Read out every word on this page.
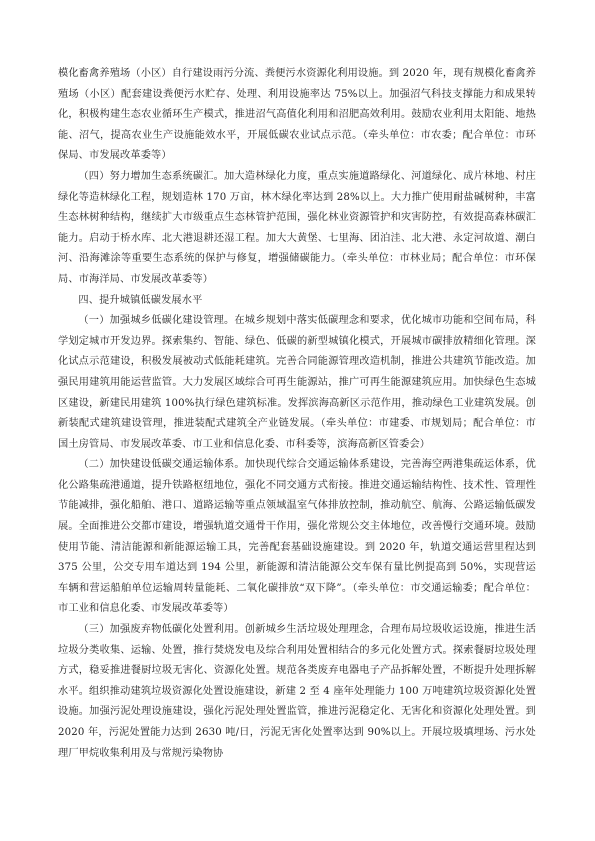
模化畜禽养殖场（小区）自行建设雨污分流、粪便污水资源化利用设施。到 2020 年，现有规模化畜禽养殖场（小区）配套建设粪便污水贮存、处理、利用设施率达 75%以上。加强沼气科技支撑能力和成果转化，积极构建生态农业循环生产模式，推进沼气高值化利用和沼肥高效利用。鼓励农业利用太阳能、地热能、沼气，提高农业生产设施能效水平，开展低碳农业试点示范。（牵头单位：市农委；配合单位：市环保局、市发展改革委等）

（四）努力增加生态系统碳汇。加大造林绿化力度，重点实施道路绿化、河道绿化、成片林地、村庄绿化等造林绿化工程，规划造林 170 万亩，林木绿化率达到 28%以上。大力推广使用耐盐碱树种，丰富生态林树种结构，继续扩大市级重点生态林管护范围，强化林业资源管护和灾害防控，有效提高森林碳汇能力。启动于桥水库、北大港退耕还湿工程。加大大黄堡、七里海、团泊洼、北大港、永定河故道、潮白河、沿海滩涂等重要生态系统的保护与修复，增强储碳能力。（牵头单位：市林业局；配合单位：市环保局、市海洋局、市发展改革委等）

四、提升城镇低碳发展水平

（一）加强城乡低碳化建设管理。在城乡规划中落实低碳理念和要求，优化城市功能和空间布局，科学划定城市开发边界。探索集约、智能、绿色、低碳的新型城镇化模式，开展城市碳排放精细化管理。深化试点示范建设，积极发展被动式低能耗建筑。完善合同能源管理改造机制，推进公共建筑节能改造。加强民用建筑用能运营监管。大力发展区域综合可再生能源站，推广可再生能源建筑应用。加快绿色生态城区建设，新建民用建筑 100%执行绿色建筑标准。发挥滨海高新区示范作用，推动绿色工业建筑发展。创新装配式建筑建设管理，推进装配式建筑全产业链发展。（牵头单位：市建委、市规划局；配合单位：市国土房管局、市发展改革委、市工业和信息化委、市科委等，滨海高新区管委会）

（二）加快建设低碳交通运输体系。加快现代综合交通运输体系建设，完善海空两港集疏运体系，优化公路集疏港通道，提升铁路枢纽地位，强化不同交通方式衔接。推进交通运输结构性、技术性、管理性节能减排，强化船舶、港口、道路运输等重点领域温室气体排放控制，推动航空、航海、公路运输低碳发展。全面推进公交都市建设，增强轨道交通骨干作用，强化常规公交主体地位，改善慢行交通环境。鼓励使用节能、清洁能源和新能源运输工具，完善配套基础设施建设。到 2020 年，轨道交通运营里程达到 375 公里，公交专用车道达到 194 公里，新能源和清洁能源公交车保有量比例提高到 50%，实现营运车辆和营运船舶单位运输周转量能耗、二氧化碳排放“双下降”。（牵头单位：市交通运输委；配合单位：市工业和信息化委、市发展改革委等）

（三）加强废弃物低碳化处置利用。创新城乡生活垃圾处理理念，合理布局垃圾收运设施，推进生活垃圾分类收集、运输、处置，推行焚烧发电及综合利用处置相结合的多元化处置方式。探索餐厨垃圾处理方式，稳妥推进餐厨垃圾无害化、资源化处置。规范各类废弃电器电子产品拆解处置，不断提升处理拆解水平。组织推动建筑垃圾资源化处置设施建设，新建 2 至 4 座年处理能力 100 万吨建筑垃圾资源化处置设施。加强污泥处理设施建设，强化污泥处理处置监管，推进污泥稳定化、无害化和资源化处理处置。到 2020 年，污泥处置能力达到 2630 吨/日，污泥无害化处置率达到 90%以上。开展垃圾填埋场、污水处理厂甲烷收集利用及与常规污染物协
